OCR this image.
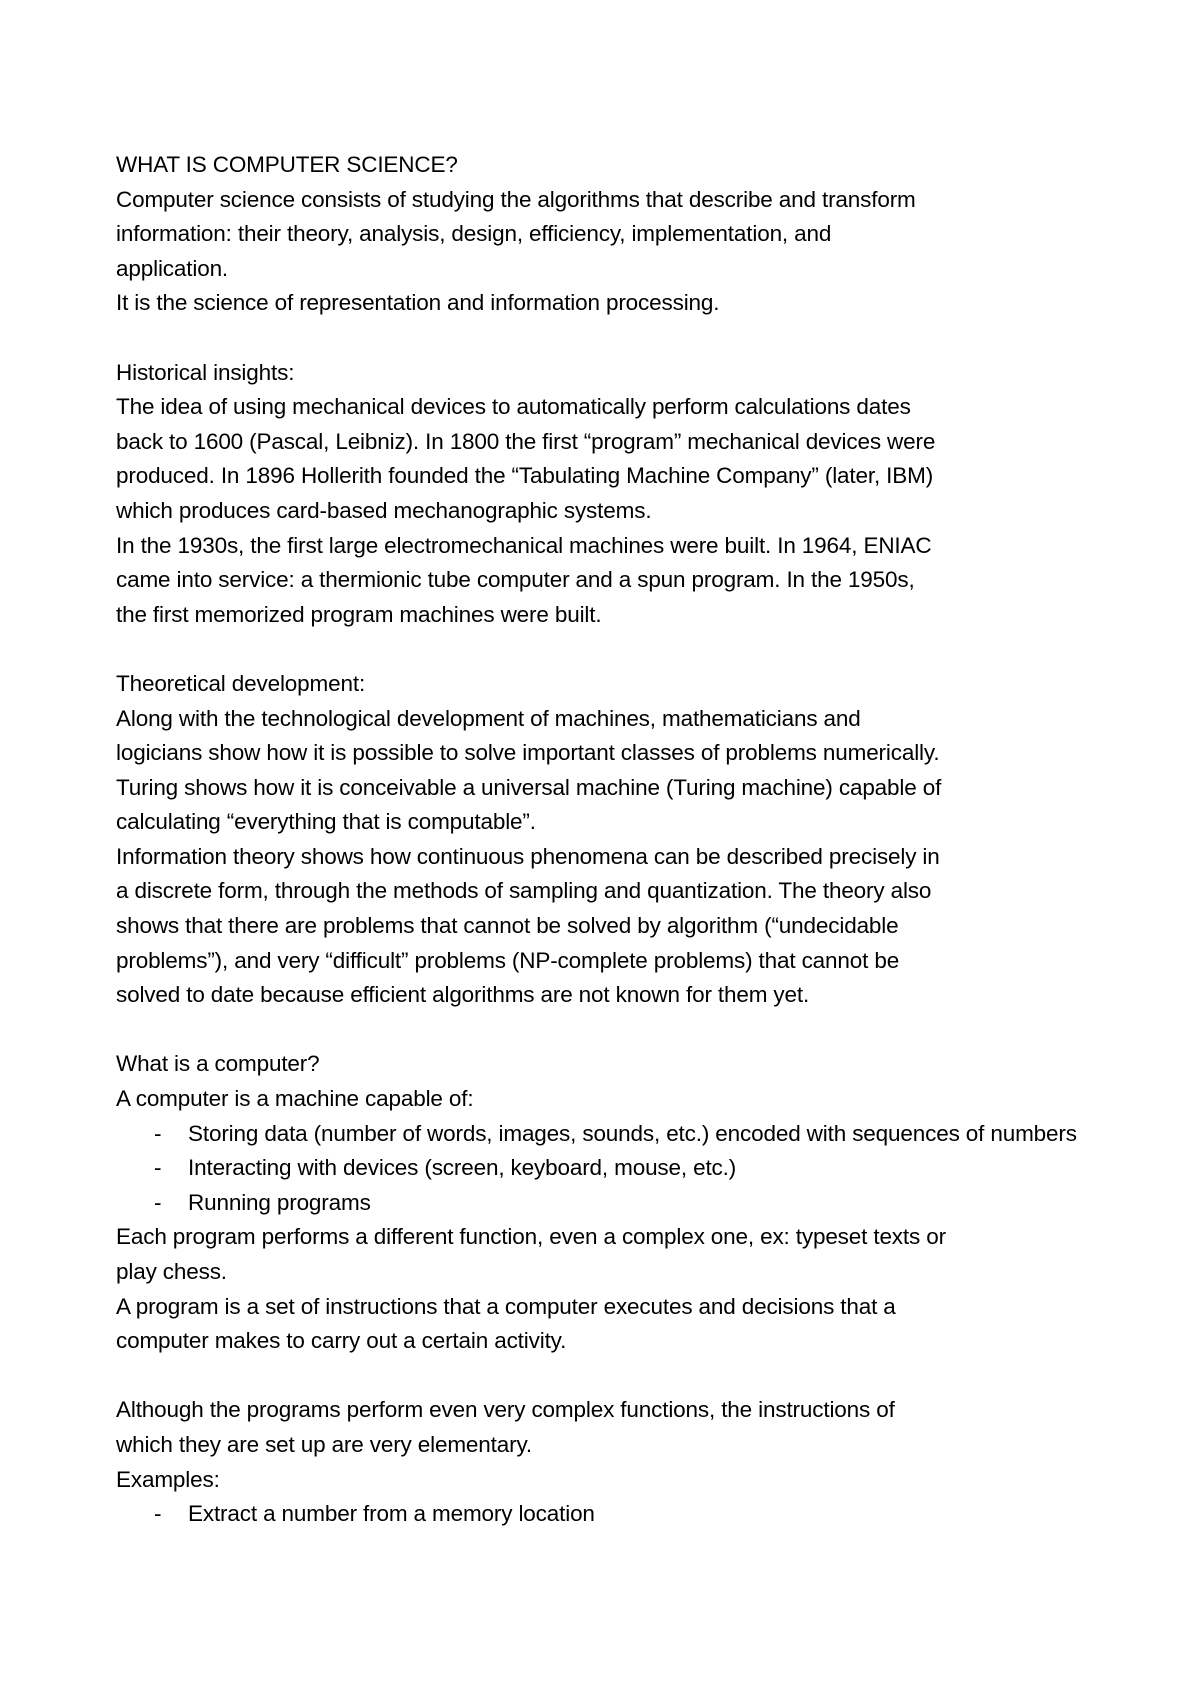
WHAT IS COMPUTER SCIENCE?

Computer science consists of studying the algorithms that describe and transform

information: their theory, analysis, design, efficiency, implementation, and

application.

It is the science of representation and information processing.

Historical insights:

The idea of using mechanical devices to automatically perform calculations dates

back to 1600 (Pascal, Leibniz). In 1800 the first “program” mechanical devices were

produced. In 1896 Hollerith founded the “Tabulating Machine Company” (later, IBM)

which produces card-based mechanographic systems.

In the 1930s, the first large electromechanical machines were built. In 1964, ENIAC

came into service: a thermionic tube computer and a spun program. In the 1950s,

the first memorized program machines were built.

Theoretical development:

Along with the technological development of machines, mathematicians and

logicians show how it is possible to solve important classes of problems numerically.

Turing shows how it is conceivable a universal machine (Turing machine) capable of

calculating “everything that is computable”.

Information theory shows how continuous phenomena can be described precisely in

a discrete form, through the methods of sampling and quantization. The theory also

shows that there are problems that cannot be solved by algorithm (“undecidable

problems”), and very “difficult” problems (NP-complete problems) that cannot be

solved to date because efficient algorithms are not known for them yet.

What is a computer?

A computer is a machine capable of:

-	Storing data (number of words, images, sounds, etc.) encoded with sequences of numbers
-	Interacting with devices (screen, keyboard, mouse, etc.)
-	Running programs

Each program performs a different function, even a complex one, ex: typeset texts or

play chess.

A program is a set of instructions that a computer executes and decisions that a

computer makes to carry out a certain activity.

Although the programs perform even very complex functions, the instructions of

which they are set up are very elementary.

Examples:

-	Extract a number from a memory location
